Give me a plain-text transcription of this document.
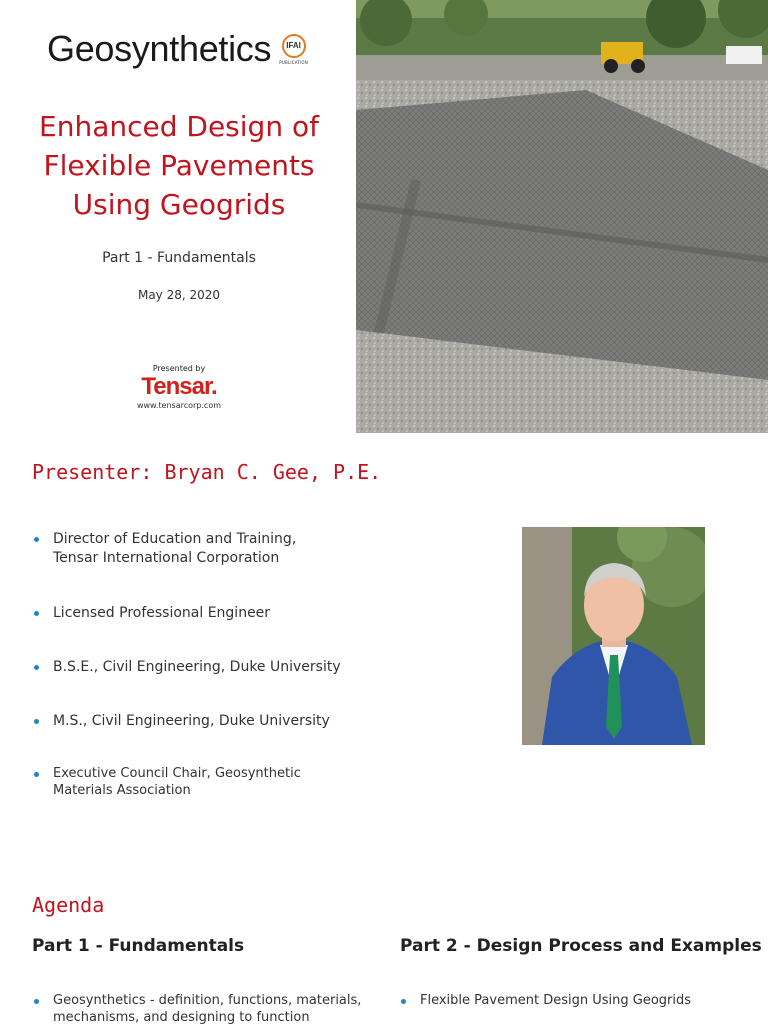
Geosynthetics	IFAI
PUBLICATION
Enhanced Design of
Flexible Pavements
Using Geogrids
Part 1 - Fundamentals
May 28, 2020
Presented by
Tensar.
www.tensarcorp.com
Presenter: Bryan C. Gee, P.E.
Director of Education and Training,
Tensar International Corporation
Licensed Professional Engineer
B.S.E., Civil Engineering, Duke University
M.S., Civil Engineering, Duke University
Executive Council Chair, Geosynthetic
Materials Association
Agenda
Part 1 - Fundamentals	Part 2 - Design Process and Examples
Geosynthetics - definition, functions, materials,
mechanisms, and designing to function
Flexible Pavement Design Using Geogrids
